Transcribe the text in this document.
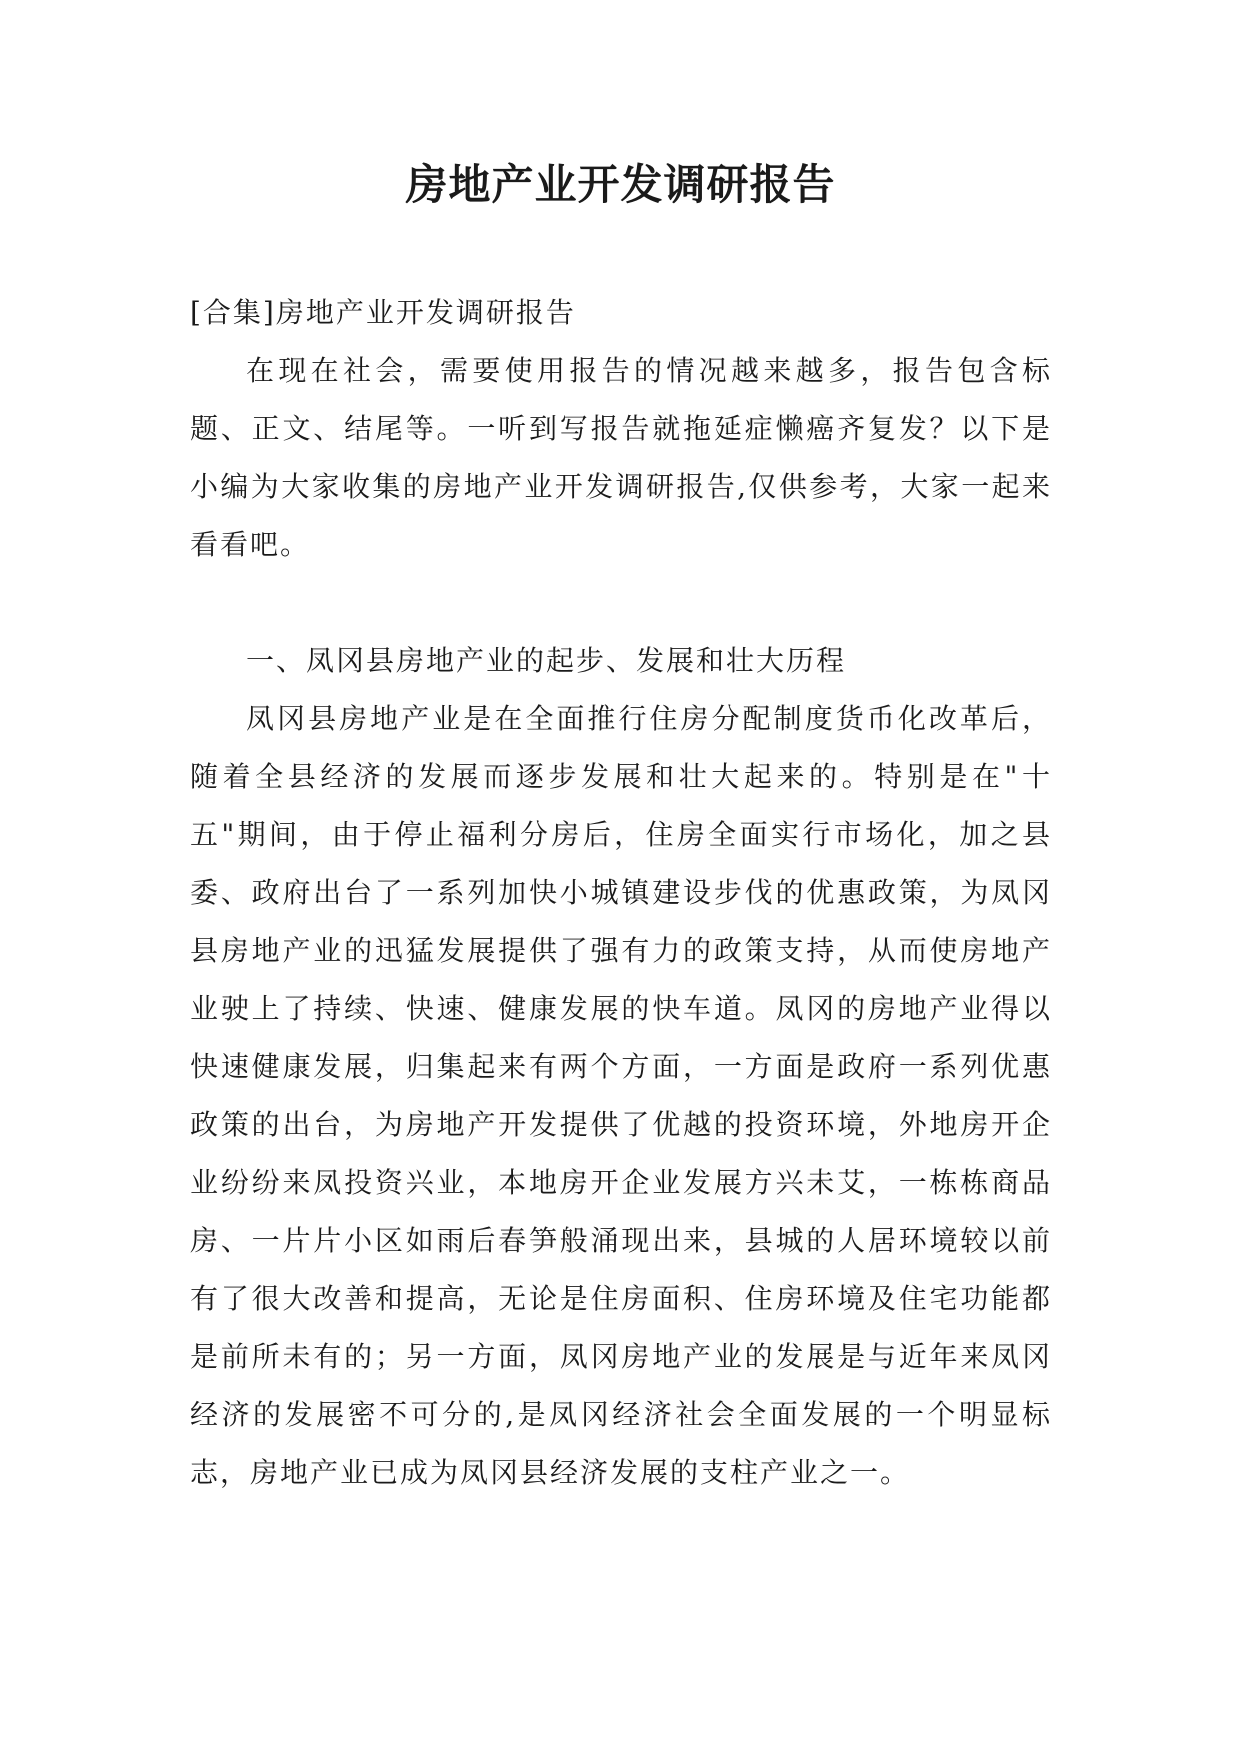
房地产业开发调研报告

[合集]房地产业开发调研报告

在现在社会，需要使用报告的情况越来越多，报告包含标题、正文、结尾等。一听到写报告就拖延症懒癌齐复发？以下是小编为大家收集的房地产业开发调研报告,仅供参考，大家一起来看看吧。

一、凤冈县房地产业的起步、发展和壮大历程

凤冈县房地产业是在全面推行住房分配制度货币化改革后，随着全县经济的发展而逐步发展和壮大起来的。特别是在"十五"期间，由于停止福利分房后，住房全面实行市场化，加之县委、政府出台了一系列加快小城镇建设步伐的优惠政策，为凤冈县房地产业的迅猛发展提供了强有力的政策支持，从而使房地产业驶上了持续、快速、健康发展的快车道。凤冈的房地产业得以快速健康发展，归集起来有两个方面，一方面是政府一系列优惠政策的出台，为房地产开发提供了优越的投资环境，外地房开企业纷纷来凤投资兴业，本地房开企业发展方兴未艾，一栋栋商品房、一片片小区如雨后春笋般涌现出来，县城的人居环境较以前有了很大改善和提高，无论是住房面积、住房环境及住宅功能都是前所未有的；另一方面，凤冈房地产业的发展是与近年来凤冈经济的发展密不可分的,是凤冈经济社会全面发展的一个明显标志，房地产业已成为凤冈县经济发展的支柱产业之一。
